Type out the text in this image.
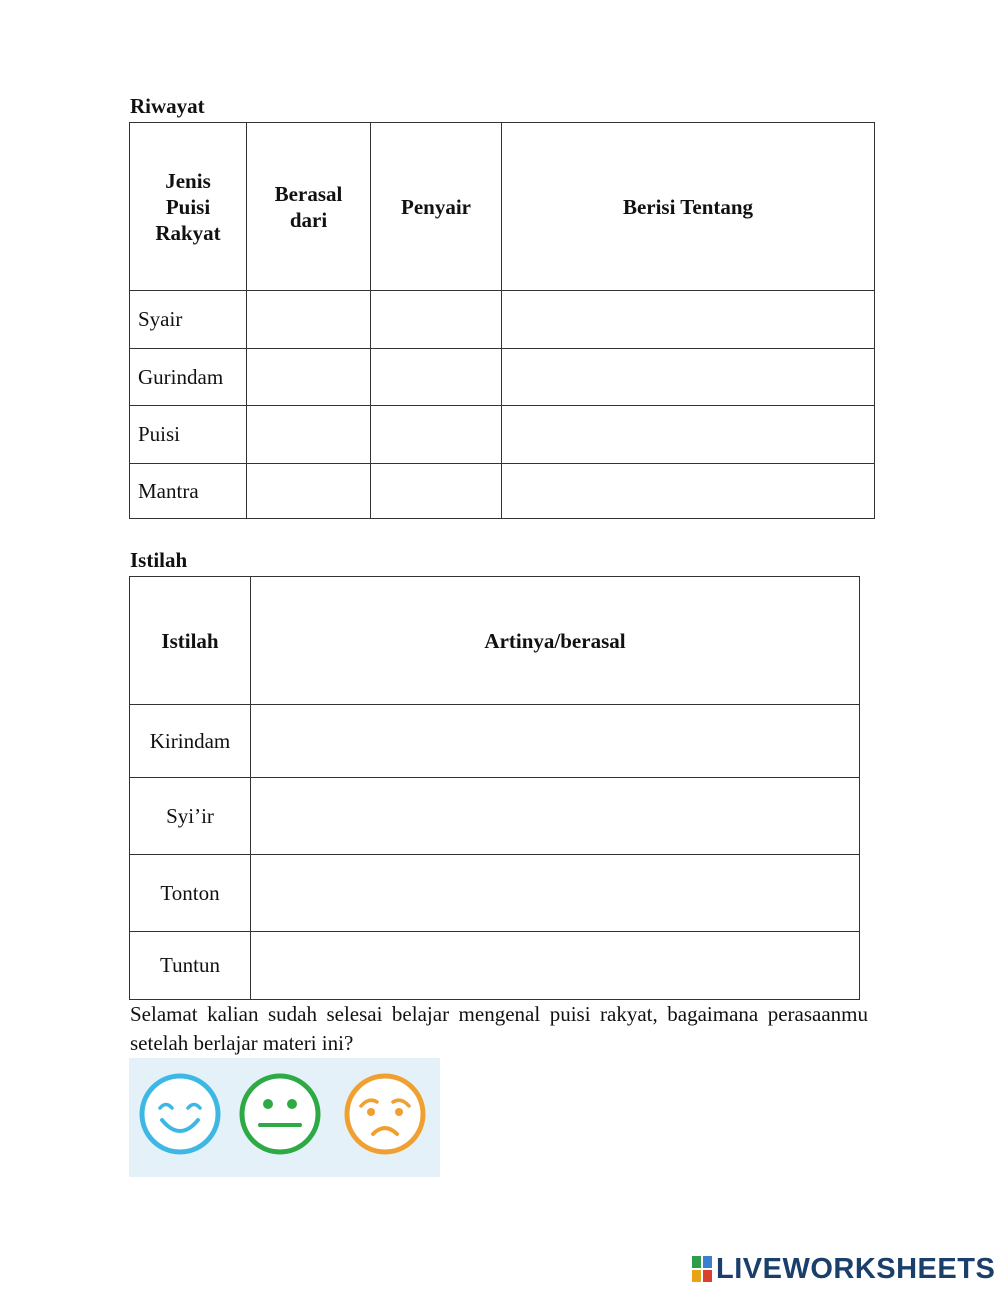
Riwayat
Jenis Puisi Rakyat	Berasal dari	Penyair	Berisi Tentang
Syair			
Gurindam			
Puisi			
Mantra			
Istilah
Istilah	Artinya/berasal
Kirindam	
Syi’ir	
Tonton	
Tuntun	
Selamat kalian sudah selesai belajar mengenal puisi rakyat, bagaimana perasaanmu setelah berlajar materi ini?
LIVEWORKSHEETS
